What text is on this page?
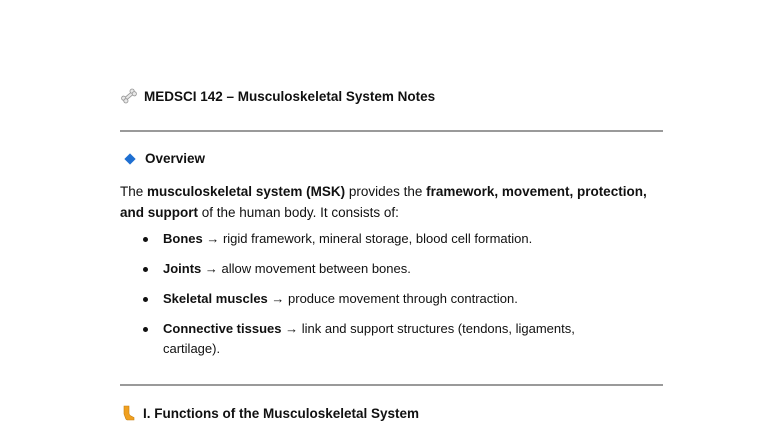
MEDSCI 142 – Musculoskeletal System Notes
Overview
The musculoskeletal system (MSK) provides the framework, movement, protection, and support of the human body. It consists of:
Bones → rigid framework, mineral storage, blood cell formation.
Joints → allow movement between bones.
Skeletal muscles → produce movement through contraction.
Connective tissues → link and support structures (tendons, ligaments, cartilage).
I. Functions of the Musculoskeletal System
